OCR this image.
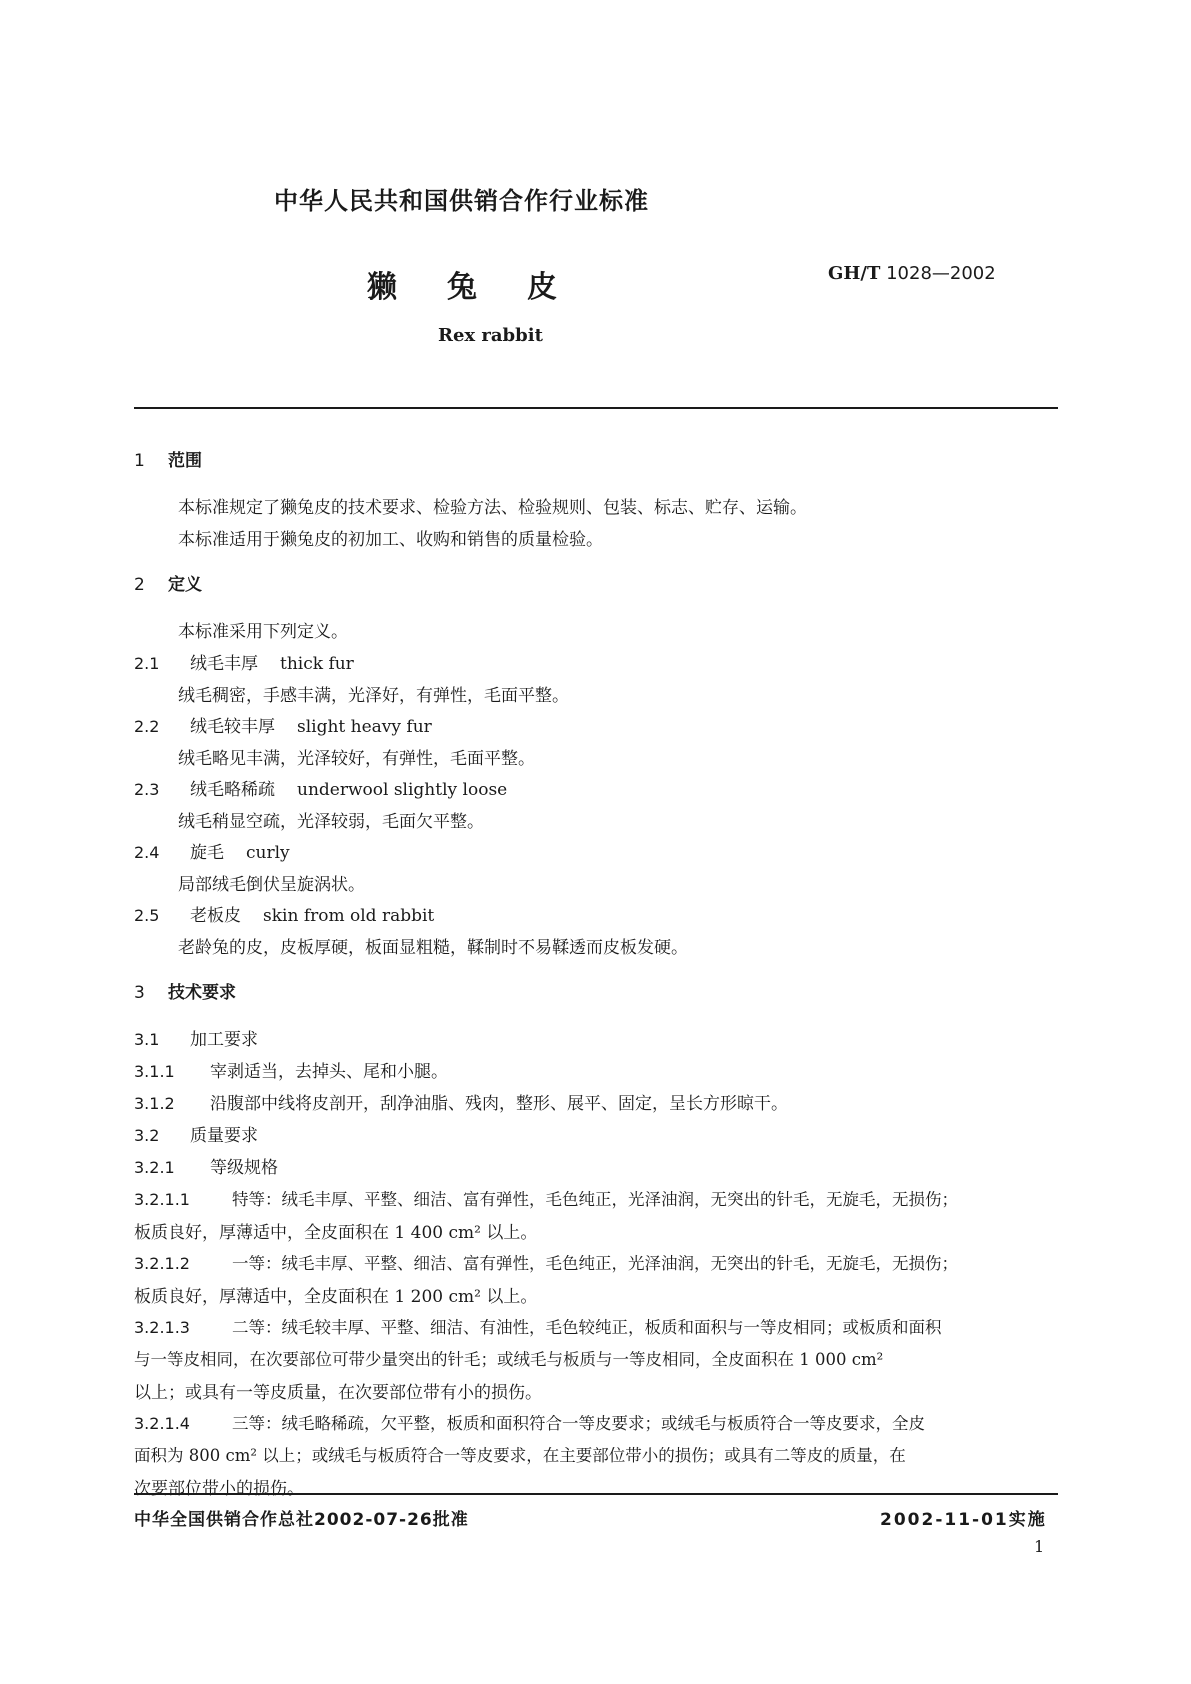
中华人民共和国供销合作行业标准
獭兔皮	GH/T 1028—2002
Rex rabbit
1 范围
本标准规定了獭兔皮的技术要求、检验方法、检验规则、包装、标志、贮存、运输。
本标准适用于獭兔皮的初加工、收购和销售的质量检验。
2 定义
本标准采用下列定义。
2.1 绒毛丰厚 thick fur
绒毛稠密，手感丰满，光泽好，有弹性，毛面平整。
2.2 绒毛较丰厚 slight heavy fur
绒毛略见丰满，光泽较好，有弹性，毛面平整。
2.3 绒毛略稀疏 underwool slightly loose
绒毛稍显空疏，光泽较弱，毛面欠平整。
2.4 旋毛 curly
局部绒毛倒伏呈旋涡状。
2.5 老板皮 skin from old rabbit
老龄兔的皮，皮板厚硬，板面显粗糙，鞣制时不易鞣透而皮板发硬。
3 技术要求
3.1 加工要求
3.1.1 宰剥适当，去掉头、尾和小腿。
3.1.2 沿腹部中线将皮剖开，刮净油脂、残肉，整形、展平、固定，呈长方形晾干。
3.2 质量要求
3.2.1 等级规格
3.2.1.1	特等：绒毛丰厚、平整、细洁、富有弹性，毛色纯正，光泽油润，无突出的针毛，无旋毛，无损伤；
板质良好，厚薄适中，全皮面积在 1 400 cm² 以上。
3.2.1.2	一等：绒毛丰厚、平整、细洁、富有弹性，毛色纯正，光泽油润，无突出的针毛，无旋毛，无损伤；
板质良好，厚薄适中，全皮面积在 1 200 cm² 以上。
3.2.1.3	二等：绒毛较丰厚、平整、细洁、有油性，毛色较纯正，板质和面积与一等皮相同；或板质和面积
与一等皮相同，在次要部位可带少量突出的针毛；或绒毛与板质与一等皮相同，全皮面积在 1 000 cm²
以上；或具有一等皮质量，在次要部位带有小的损伤。
3.2.1.4	三等：绒毛略稀疏，欠平整，板质和面积符合一等皮要求；或绒毛与板质符合一等皮要求，全皮
面积为 800 cm² 以上；或绒毛与板质符合一等皮要求，在主要部位带小的损伤；或具有二等皮的质量，在
次要部位带小的损伤。
中华全国供销合作总社2002-07-26批准	2002-11-01实施
1
